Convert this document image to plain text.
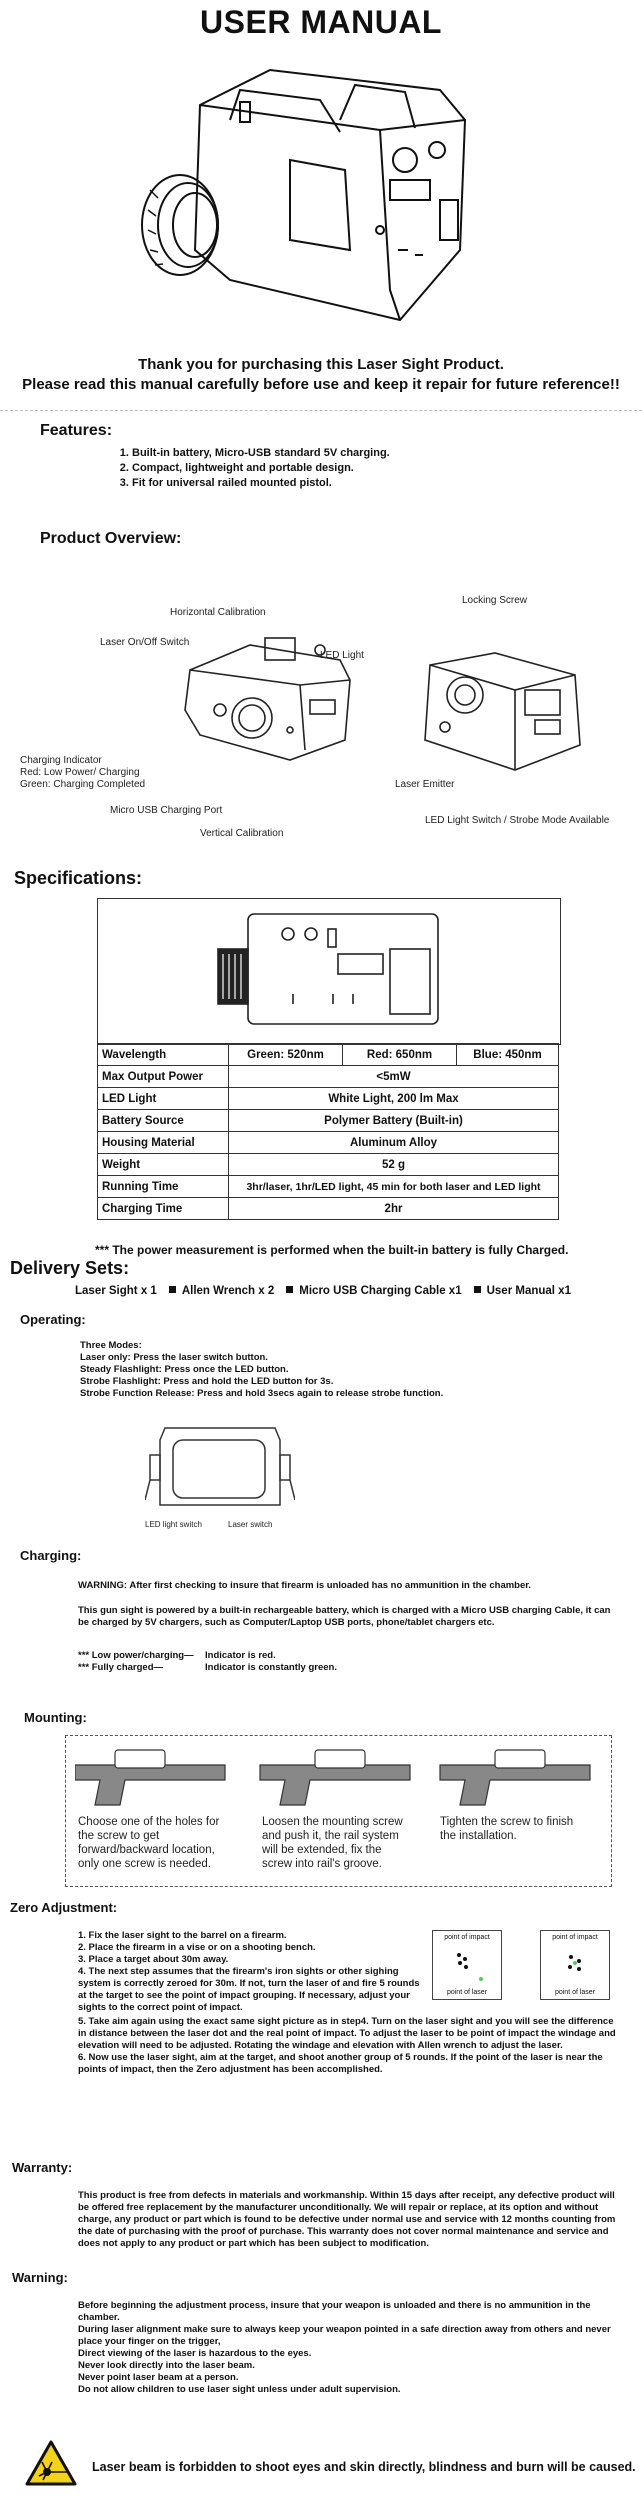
USER MANUAL
Thank you for purchasing this Laser Sight Product.
Please read this manual carefully before use and keep it repair for future reference!!
Features:
1. Built-in battery, Micro-USB standard 5V charging.
2. Compact, lightweight and portable design.
3. Fit for universal railed mounted pistol.
Product Overview:
Horizontal Calibration
Laser On/Off Switch
LED Light
Locking Screw
Charging Indicator
Red: Low Power/ Charging
Green: Charging Completed	Laser Emitter
Micro USB Charging Port
LED Light Switch / Strobe Mode Available
Vertical Calibration
Specifications:
Wavelength	Green: 520nm	Red: 650nm	Blue: 450nm
Max Output Power	<5mW		
LED Light	White Light, 200 lm Max		
Battery Source	Polymer Battery (Built-in)		
Housing Material	Aluminum Alloy		
Weight	52 g		
Running Time	3hr/laser, 1hr/LED light, 45 min for both laser and LED light		
Charging Time	2hr		
*** The power measurement is performed when the built-in battery is fully Charged.
Delivery Sets:
Laser Sight x 1 Allen Wrench x 2 Micro USB Charging Cable x1 User Manual x1
Operating:
Three Modes:
Laser only: Press the laser switch button.
Steady Flashlight: Press once the LED button.
Strobe Flashlight: Press and hold the LED button for 3s.
Strobe Function Release: Press and hold 3secs again to release strobe function.
LED light switch	Laser switch
Charging:
WARNING: After first checking to insure that firearm is unloaded has no ammunition in the chamber.
This gun sight is powered by a built-in rechargeable battery, which is charged with a Micro USB charging Cable, it can be charged by 5V chargers, such as Computer/Laptop USB ports, phone/tablet chargers etc.
*** Low power/charging— Indicator is red.
*** Fully charged—	Indicator is constantly green.
Mounting:
Choose one of the holes for the screw to get forward/backward location, only one screw is needed.
Loosen the mounting screw and push it, the rail system will be extended, fix the screw into rail's groove.
Tighten the screw to finish the installation.
Zero Adjustment:
1. Fix the laser sight to the barrel on a firearm.
2. Place the firearm in a vise or on a shooting bench.
3. Place a target about 30m away.
4. The next step assumes that the firearm's iron sights or other sighing system is correctly zeroed for 30m. If not, turn the laser of and fire 5 rounds at the target to see the point of impact grouping. If necessary, adjust your sights to the correct point of impact.
5. Take aim again using the exact same sight picture as in step4. Turn on the laser sight and you will see the difference in distance between the laser dot and the real point of impact. To adjust the laser to be point of impact the windage and elevation will need to be adjusted. Rotating the windage and elevation with Allen wrench to adjust the laser.
6. Now use the laser sight, aim at the target, and shoot another group of 5 rounds. If the point of the laser is near the points of impact, then the Zero adjustment has been accomplished.
point of impact
point of laser
point of impact
point of laser
Warranty:
This product is free from defects in materials and workmanship. Within 15 days after receipt, any defective product will be offered free replacement by the manufacturer unconditionally. We will repair or replace, at its option and without charge, any product or part which is found to be defective under normal use and service with 12 months counting from the date of purchasing with the proof of purchase. This warranty does not cover normal maintenance and service and does not apply to any product or part which has been subject to modification.
Warning:
Before beginning the adjustment process, insure that your weapon is unloaded and there is no ammunition in the chamber.
During laser alignment make sure to always keep your weapon pointed in a safe direction away from others and never place your finger on the trigger,
Direct viewing of the laser is hazardous to the eyes.
Never look directly into the laser beam.
Never point laser beam at a person.
Do not allow children to use laser sight unless under adult supervision.
Laser beam is forbidden to shoot eyes and skin directly, blindness and burn will be caused.
